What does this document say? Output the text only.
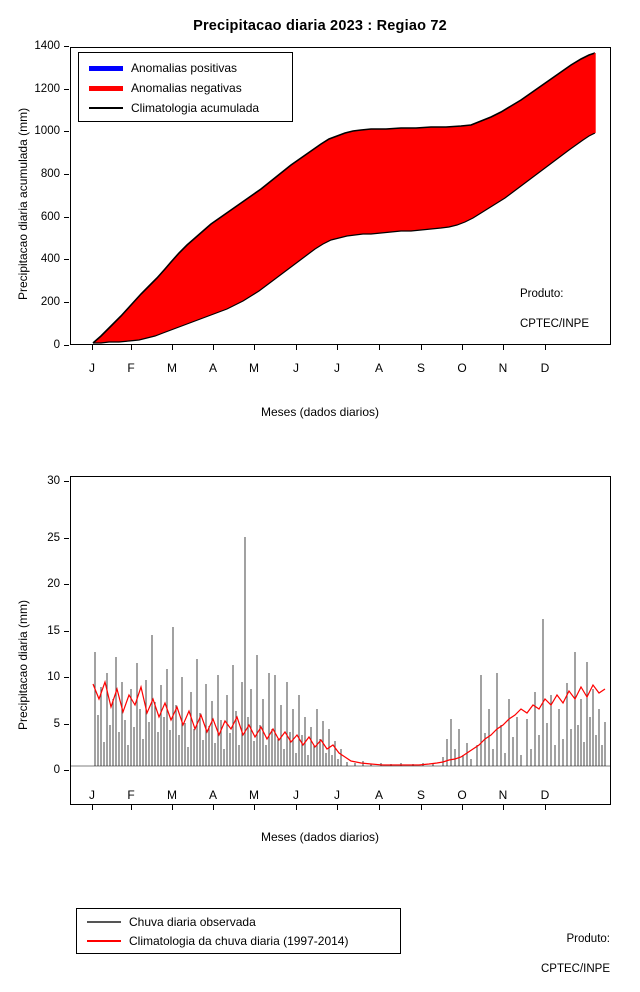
Precipitacao diaria 2023 : Regiao 72
Precipitacao diaria acumulada (mm)
0
200
400
600
800
1000
1200
1400
Anomalias positivas
Anomalias negativas
Climatologia acumulada

Produto:

CPTEC/INPE

J	F	M	A	M	J	J	A	S	O	N	D
Meses (dados diarios)
Precipitacao diaria (mm)
0
5
10
15
20
25
30
Chuva diaria observada
Climatologia da chuva diaria (1997-2014)	Produto:

CPTEC/INPE

J	F	M	A	M	J	J	A	S	O	N	D
Meses (dados diarios)
